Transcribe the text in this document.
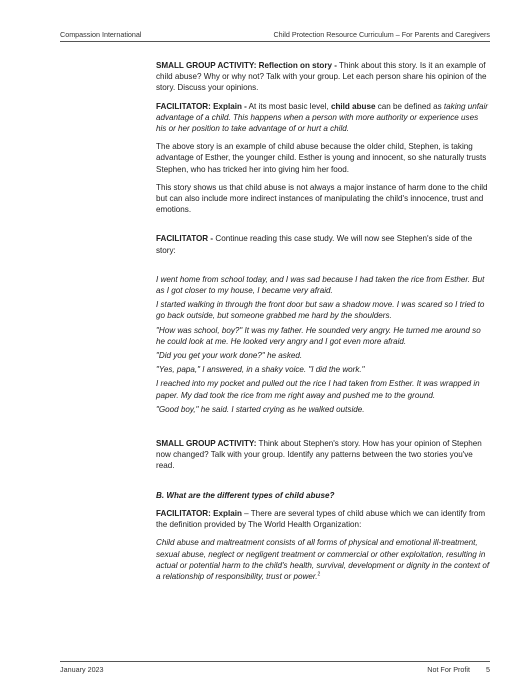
Compassion International	Child Protection Resource Curriculum – For Parents and Caregivers

SMALL GROUP ACTIVITY: Reflection on story - Think about this story. Is it an example of child abuse? Why or why not? Talk with your group. Let each person share his opinion of the story. Discuss your opinions.

FACILITATOR: Explain - At its most basic level, child abuse can be defined as taking unfair advantage of a child. This happens when a person with more authority or experience uses his or her position to take advantage of or hurt a child.

The above story is an example of child abuse because the older child, Stephen, is taking advantage of Esther, the younger child. Esther is young and innocent, so she naturally trusts Stephen, who has tricked her into giving him her food.

This story shows us that child abuse is not always a major instance of harm done to the child but can also include more indirect instances of manipulating the child's innocence, trust and emotions.

FACILITATOR - Continue reading this case study. We will now see Stephen's side of the story:

I went home from school today, and I was sad because I had taken the rice from Esther. But as I got closer to my house, I became very afraid.

I started walking in through the front door but saw a shadow move. I was scared so I tried to go back outside, but someone grabbed me hard by the shoulders.

"How was school, boy?" It was my father. He sounded very angry. He turned me around so he could look at me. He looked very angry and I got even more afraid.

"Did you get your work done?" he asked.

"Yes, papa," I answered, in a shaky voice. "I did the work."

I reached into my pocket and pulled out the rice I had taken from Esther. It was wrapped in paper. My dad took the rice from me right away and pushed me to the ground.

"Good boy," he said. I started crying as he walked outside.

SMALL GROUP ACTIVITY: Think about Stephen's story. How has your opinion of Stephen now changed? Talk with your group. Identify any patterns between the two stories you've read.

B. What are the different types of child abuse?

FACILITATOR: Explain – There are several types of child abuse which we can identify from the definition provided by The World Health Organization:

Child abuse and maltreatment consists of all forms of physical and emotional ill-treatment, sexual abuse, neglect or negligent treatment or commercial or other exploitation, resulting in actual or potential harm to the child's health, survival, development or dignity in the context of a relationship of responsibility, trust or power.$^2$

January 2023	Not For Profit 5
